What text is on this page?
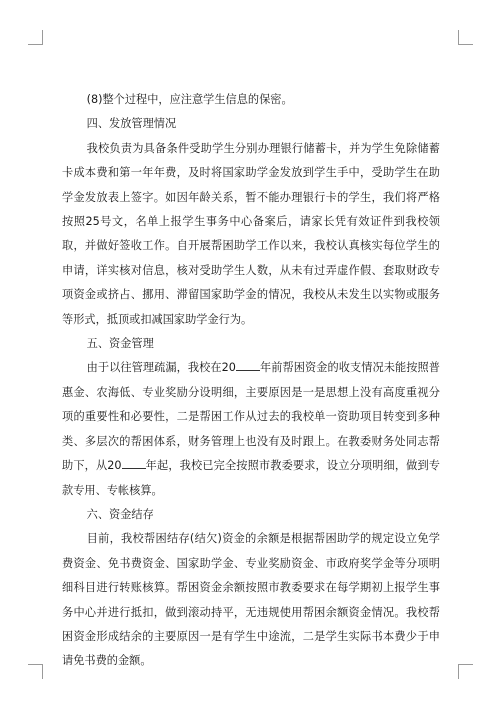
(8)整个过程中，应注意学生信息的保密。

四、发放管理情况

我校负责为具备条件受助学生分别办理银行储蓄卡，并为学生免除储蓄卡成本费和第一年年费，及时将国家助学金发放到学生手中，受助学生在助学金发放表上签字。如因年龄关系，暂不能办理银行卡的学生，我们将严格按照25号文，名单上报学生事务中心备案后，请家长凭有效证件到我校领取，并做好签收工作。自开展帮困助学工作以来，我校认真核实每位学生的申请，详实核对信息，核对受助学生人数，从未有过弄虚作假、套取财政专项资金或挤占、挪用、滞留国家助学金的情况，我校从未发生以实物或服务等形式，抵顶或扣减国家助学金行为。

五、资金管理

由于以往管理疏漏，我校在20 年前帮困资金的收支情况未能按照普惠金、农海低、专业奖励分设明细，主要原因是一是思想上没有高度重视分项的重要性和必要性，二是帮困工作从过去的我校单一资助项目转变到多种类、多层次的帮困体系，财务管理上也没有及时跟上。在教委财务处同志帮助下，从20 年起，我校已完全按照市教委要求，设立分项明细，做到专款专用、专帐核算。

六、资金结存

目前，我校帮困结存(结欠)资金的余额是根据帮困助学的规定设立免学费资金、免书费资金、国家助学金、专业奖励资金、市政府奖学金等分项明细科目进行转账核算。帮困资金余额按照市教委要求在每学期初上报学生事务中心并进行抵扣，做到滚动持平，无违规使用帮困余额资金情况。我校帮困资金形成结余的主要原因一是有学生中途流，二是学生实际书本费少于申请免书费的金额。
